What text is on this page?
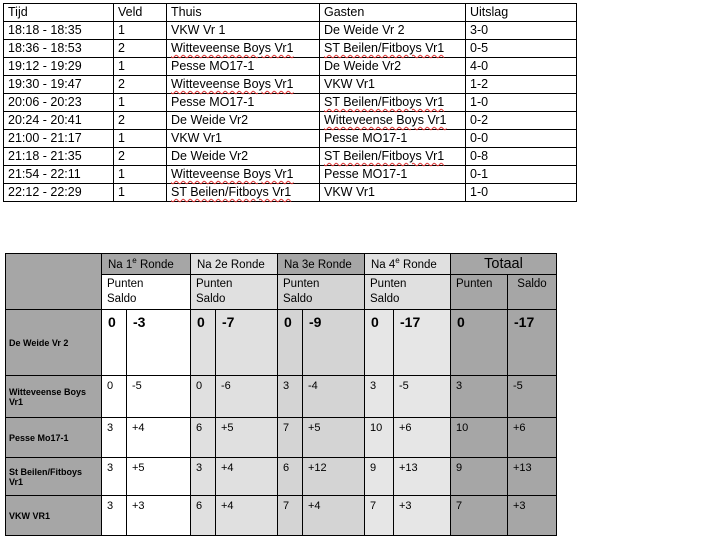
Tijd	Veld	Thuis	Gasten	Uitslag
18:18 - 18:35	1	VKW Vr 1	De Weide Vr 2	3-0
18:36 - 18:53	2	Witteveense Boys Vr1	ST Beilen/Fitboys Vr1	0-5
19:12 - 19:29	1	Pesse MO17-1	De Weide Vr2	4-0
19:30 - 19:47	2	Witteveense Boys Vr1	VKW Vr1	1-2
20:06 - 20:23	1	Pesse MO17-1	ST Beilen/Fitboys Vr1	1-0
20:24 - 20:41	2	De Weide Vr2	Witteveense Boys Vr1	0-2
21:00 - 21:17	1	VKW Vr1	Pesse MO17-1	0-0
21:18 - 21:35	2	De Weide Vr2	ST Beilen/Fitboys Vr1	0-8
21:54 - 22:11	1	Witteveense Boys Vr1	Pesse MO17-1	0-1
22:12 - 22:29	1	ST Beilen/Fitboys Vr1	VKW Vr1	1-0

	Na 1e Ronde		Na 2e Ronde		Na 3e Ronde		Na 4e Ronde		Totaal	

	Punten
Saldo		Punten
Saldo		Punten
Saldo		Punten
Saldo		Punten	Saldo

De Weide Vr 2	0	-3	0	-7	0	-9	0	-17	0	-17

Witteveense Boys Vr1	0	-5	0	-6	3	-4	3	-5	3	-5

Pesse Mo17-1	3	+4	6	+5	7	+5	10	+6	10	+6

St Beilen/Fitboys Vr1	3	+5	3	+4	6	+12	9	+13	9	+13

VKW VR1	3	+3	6	+4	7	+4	7	+3	7	+3
